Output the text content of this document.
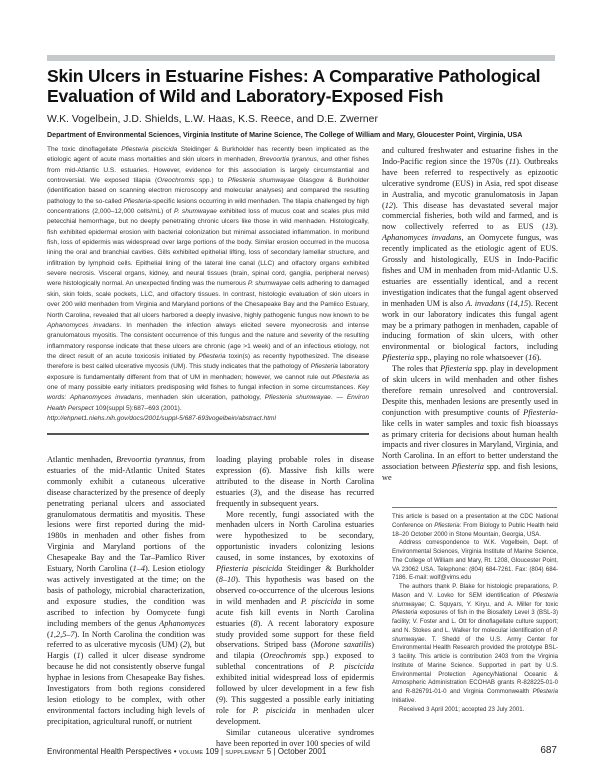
Skin Ulcers in Estuarine Fishes: A Comparative Pathological Evaluation of Wild and Laboratory-Exposed Fish
W.K. Vogelbein, J.D. Shields, L.W. Haas, K.S. Reece, and D.E. Zwerner
Department of Environmental Sciences, Virginia Institute of Marine Science, The College of William and Mary, Gloucester Point, Virginia, USA

The toxic dinoflagellate Pfiesteria piscicida Steidinger & Burkholder has recently been implicated as the etiologic agent of acute mass mortalities and skin ulcers in menhaden, Brevoortia tyrannus, and other fishes from mid-Atlantic U.S. estuaries. However, evidence for this association is largely circumstantial and controversial. We exposed tilapia (Oreochromis spp.) to Pfiesteria shumwayae Glasgow & Burkholder (identification based on scanning electron microscopy and molecular analyses) and compared the resulting pathology to the so-called Pfiesteria-specific lesions occurring in wild menhaden. The tilapia challenged by high concentrations (2,000–12,000 cells/mL) of P. shumwayae exhibited loss of mucus coat and scales plus mild petecchial hemorrhage, but no deeply penetrating chronic ulcers like those in wild menhaden. Histologically, fish exhibited epidermal erosion with bacterial colonization but minimal associated inflammation. In moribund fish, loss of epidermis was widespread over large portions of the body. Similar erosion occurred in the mucosa lining the oral and branchial cavities. Gills exhibited epithelial lifting, loss of secondary lamellar structure, and infiltration by lymphoid cells. Epithelial lining of the lateral line canal (LLC) and olfactory organs exhibited severe necrosis. Visceral organs, kidney, and neural tissues (brain, spinal cord, ganglia, peripheral nerves) were histologically normal. An unexpected finding was the numerous P. shumwayae cells adhering to damaged skin, skin folds, scale pockets, LLC, and olfactory tissues. In contrast, histologic evaluation of skin ulcers in over 200 wild menhaden from Virginia and Maryland portions of the Chesapeake Bay and the Pamlico Estuary, North Carolina, revealed that all ulcers harbored a deeply invasive, highly pathogenic fungus now known to be Aphanomyces invadans. In menhaden the infection always elicited severe myonecrosis and intense granulomatous myositis. The consistent occurrence of this fungus and the nature and severity of the resulting inflammatory response indicate that these ulcers are chronic (age >1 week) and of an infectious etiology, not the direct result of an acute toxicosis initiated by Pfiesteria toxin(s) as recently hypothesized. The disease therefore is best called ulcerative mycosis (UM). This study indicates that the pathology of Pfiesteria laboratory exposure is fundamentally different from that of UM in menhaden; however, we cannot rule out Pfiesteria as one of many possible early initiators predisposing wild fishes to fungal infection in some circumstances. Key words: Aphanomyces invadans, menhaden skin ulceration, pathology, Pfiesteria shumwayae. — Environ Health Perspect 109(suppl 5):687–693 (2001).

http://ehpnet1.niehs.nih.gov/docs/2001/suppl-5/687-693vogelbein/abstract.html

and cultured freshwater and estuarine fishes in the Indo-Pacific region since the 1970s (11). Outbreaks have been referred to respectively as epizootic ulcerative syndrome (EUS) in Asia, red spot disease in Australia, and mycotic granulomatosis in Japan (12). This disease has devastated several major commercial fisheries, both wild and farmed, and is now collectively referred to as EUS (13). Aphanomyces invadans, an Oomycete fungus, was recently implicated as the etiologic agent of EUS. Grossly and histologically, EUS in Indo-Pacific fishes and UM in menhaden from mid-Atlantic U.S. estuaries are essentially identical, and a recent investigation indicates that the fungal agent observed in menhaden UM is also A. invadans (14,15). Recent work in our laboratory indicates this fungal agent may be a primary pathogen in menhaden, capable of inducing formation of skin ulcers, with other environmental or biological factors, including Pfiesteria spp., playing no role whatsoever (16).

The roles that Pfiesteria spp. play in development of skin ulcers in wild menhaden and other fishes therefore remain unresolved and controversial. Despite this, menhaden lesions are presently used in conjunction with presumptive counts of Pfiesteria-like cells in water samples and toxic fish bioassays as primary criteria for decisions about human health impacts and river closures in Maryland, Virginia, and North Carolina. In an effort to better understand the association between Pfiesteria spp. and fish lesions, we

Atlantic menhaden, Brevoortia tyrannus, from estuaries of the mid-Atlantic United States commonly exhibit a cutaneous ulcerative disease characterized by the presence of deeply penetrating perianal ulcers and associated granulomatous dermatitis and myositis. These lesions were first reported during the mid-1980s in menhaden and other fishes from Virginia and Maryland portions of the Chesapeake Bay and the Tar–Pamlico River Estuary, North Carolina (1–4). Lesion etiology was actively investigated at the time; on the basis of pathology, microbial characterization, and exposure studies, the condition was ascribed to infection by Oomycete fungi including members of the genus Aphanomyces (1,2,5–7). In North Carolina the condition was referred to as ulcerative mycosis (UM) (2), but Hargis (1) called it ulcer disease syndrome because he did not consistently observe fungal hyphae in lesions from Chesapeake Bay fishes. Investigators from both regions considered lesion etiology to be complex, with other environmental factors including high levels of precipitation, agricultural runoff, or nutrient

loading playing probable roles in disease expression (6). Massive fish kills were attributed to the disease in North Carolina estuaries (3), and the disease has recurred frequently in subsequent years.

More recently, fungi associated with the menhaden ulcers in North Carolina estuaries were hypothesized to be secondary, opportunistic invaders colonizing lesions caused, in some instances, by exotoxins of Pfiesteria piscicida Steidinger & Burkholder (8–10). This hypothesis was based on the observed co-occurrence of the ulcerous lesions in wild menhaden and P. piscicida in some acute fish kill events in North Carolina estuaries (8). A recent laboratory exposure study provided some support for these field observations. Striped bass (Morone saxatilis) and tilapia (Oreochromis spp.) exposed to sublethal concentrations of P. piscicida exhibited initial widespread loss of epidermis followed by ulcer development in a few fish (9). This suggested a possible early initiating role for P. piscicida in menhaden ulcer development.

Similar cutaneous ulcerative syndromes have been reported in over 100 species of wild

This article is based on a presentation at the CDC National Conference on Pfiesteria: From Biology to Public Health held 18–20 October 2000 in Stone Mountain, Georgia, USA.

Address correspondence to W.K. Vogelbein, Dept. of Environmental Sciences, Virginia Institute of Marine Science, The College of William and Mary, Rt. 1208, Gloucester Point, VA 23062 USA. Telephone: (804) 684-7261. Fax: (804) 684-7186. E-mail: wolf@vims.edu

The authors thank P. Blake for histologic preparations, P. Mason and V. Lovko for SEM identification of Pfiesteria shumwayae; C. Squyars, Y. Kiryu, and A. Miller for toxic Pfiesteria exposures of fish in the Biosafety Level 3 (BSL-3) facility; V. Foster and L. Ott for dinoflagellate culture support; and N. Stokes and L. Walker for molecular identification of P. shumwayae. T. Shedd of the U.S. Army Center for Environmental Health Research provided the prototype BSL-3 facility. This article is contribution 2403 from the Virginia Institute of Marine Science. Supported in part by U.S. Environmental Protection Agency/National Oceanic & Atmospheric Administration ECOHAB grants R-828225-01-0 and R-826791-01-0 and Virginia Commonwealth Pfiesteria Initiative.

Received 3 April 2001; accepted 23 July 2001.

Environmental Health Perspectives • VOLUME 109 | SUPPLEMENT 5 | October 2001	687
